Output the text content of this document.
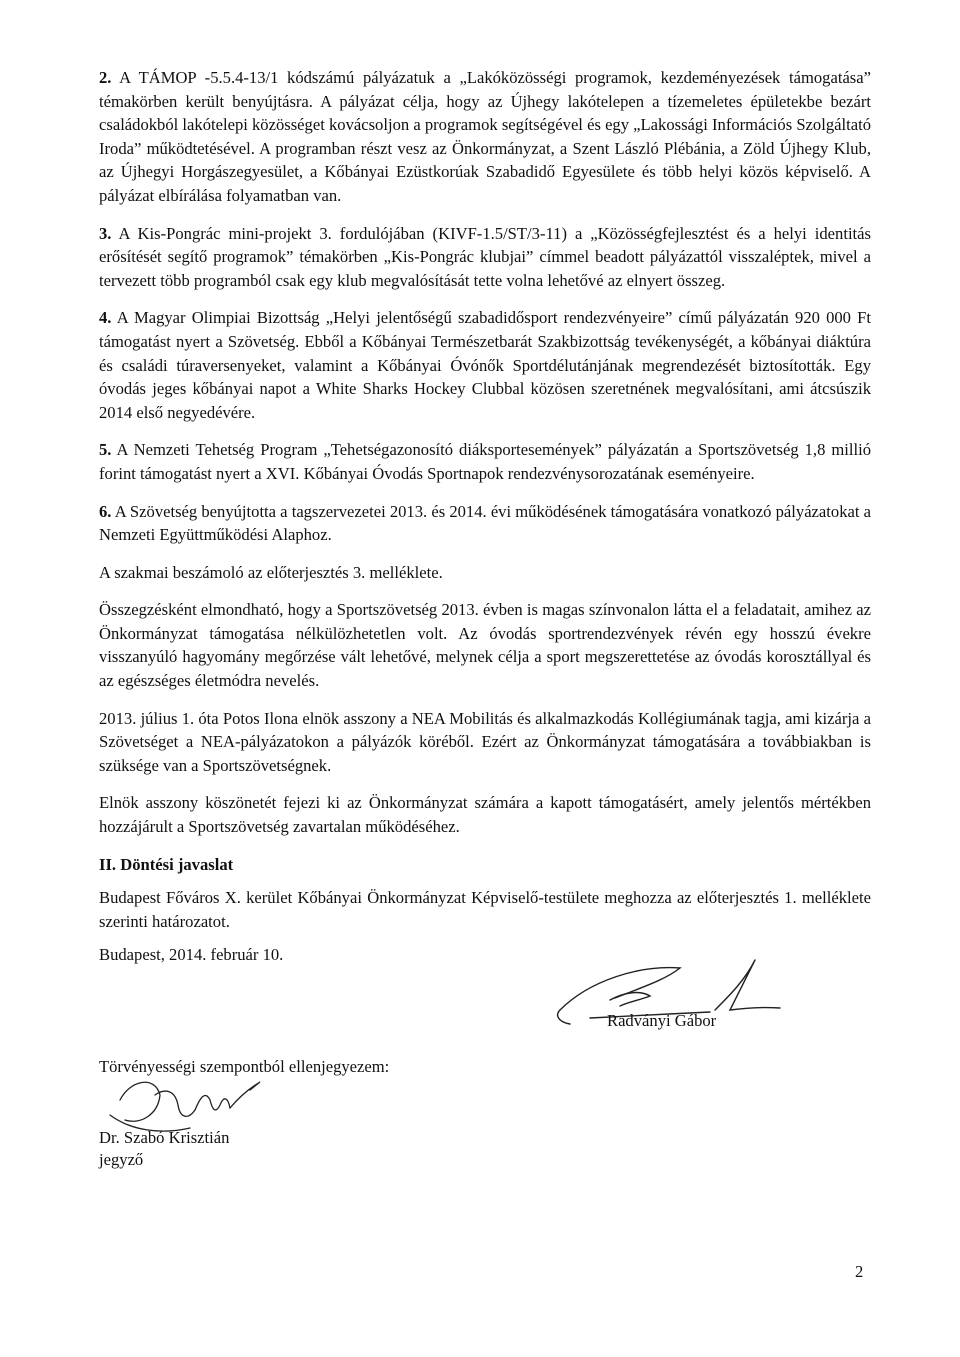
2. A TÁMOP -5.5.4-13/1 kódszámú pályázatuk a „Lakóközösségi programok, kezdeményezések támogatása” témakörben került benyújtásra. A pályázat célja, hogy az Újhegy lakótelepen a tízemeletes épületekbe bezárt családokból lakótelepi közösséget kovácsoljon a programok segítségével és egy „Lakossági Információs Szolgáltató Iroda” működtetésével. A programban részt vesz az Önkormányzat, a Szent László Plébánia, a Zöld Újhegy Klub, az Újhegyi Horgászegyesület, a Kőbányai Ezüstkorúak Szabadidő Egyesülete és több helyi közös képviselő. A pályázat elbírálása folyamatban van.

3. A Kis-Pongrác mini-projekt 3. fordulójában (KIVF-1.5/ST/3-11) a „Közösségfejlesztést és a helyi identitás erősítését segítő programok” témakörben „Kis-Pongrác klubjai” címmel beadott pályázattól visszaléptek, mivel a tervezett több programból csak egy klub megvalósítását tette volna lehetővé az elnyert összeg.

4. A Magyar Olimpiai Bizottság „Helyi jelentőségű szabadidősport rendezvényeire” című pályázatán 920 000 Ft támogatást nyert a Szövetség. Ebből a Kőbányai Természetbarát Szakbizottság tevékenységét, a kőbányai diáktúra és családi túraversenyeket, valamint a Kőbányai Óvónők Sportdélutánjának megrendezését biztosították. Egy óvodás jeges kőbányai napot a White Sharks Hockey Clubbal közösen szeretnének megvalósítani, ami átcsúszik 2014 első negyedévére.

5. A Nemzeti Tehetség Program „Tehetségazonosító diáksportesemények” pályázatán a Sportszövetség 1,8 millió forint támogatást nyert a XVI. Kőbányai Óvodás Sportnapok rendezvénysorozatának eseményeire.

6. A Szövetség benyújtotta a tagszervezetei 2013. és 2014. évi működésének támogatására vonatkozó pályázatokat a Nemzeti Együttműködési Alaphoz.

A szakmai beszámoló az előterjesztés 3. melléklete.

Összegzésként elmondható, hogy a Sportszövetség 2013. évben is magas színvonalon látta el a feladatait, amihez az Önkormányzat támogatása nélkülözhetetlen volt. Az óvodás sportrendezvények révén egy hosszú évekre visszanyúló hagyomány megőrzése vált lehetővé, melynek célja a sport megszerettetése az óvodás korosztállyal és az egészséges életmódra nevelés.

2013. július 1. óta Potos Ilona elnök asszony a NEA Mobilitás és alkalmazkodás Kollégiumának tagja, ami kizárja a Szövetséget a NEA-pályázatokon a pályázók köréből. Ezért az Önkormányzat támogatására a továbbiakban is szüksége van a Sportszövetségnek.

Elnök asszony köszönetét fejezi ki az Önkormányzat számára a kapott támogatásért, amely jelentős mértékben hozzájárult a Sportszövetség zavartalan működéséhez.

II. Döntési javaslat

Budapest Főváros X. kerület Kőbányai Önkormányzat Képviselő-testülete meghozza az előterjesztés 1. melléklete szerinti határozatot.

Budapest, 2014. február 10.

Radványi Gábor
Törvényességi szempontból ellenjegyezem:
Dr. Szabó Krisztián
jegyző
2
